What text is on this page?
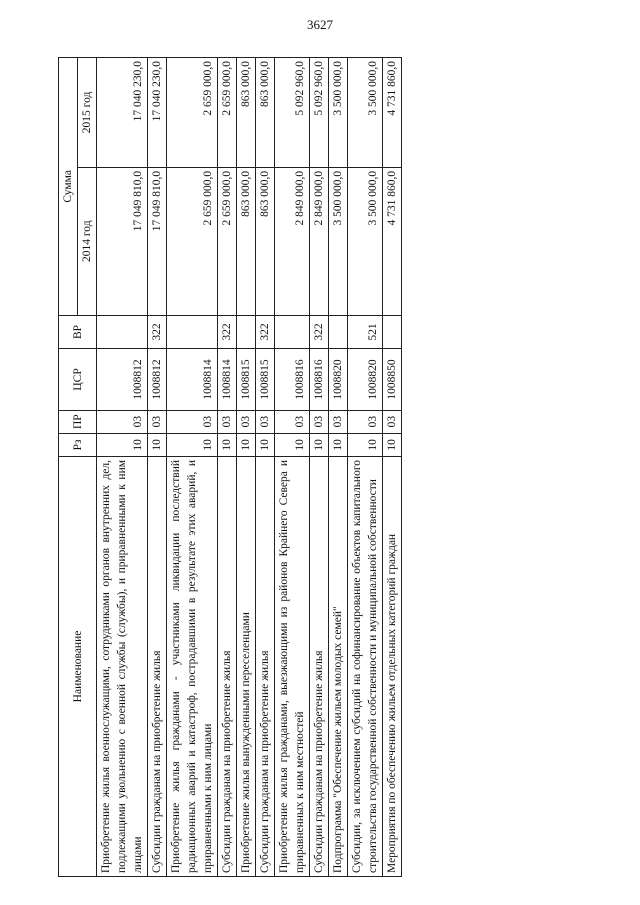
3627
Наименование	Рз	ПР	ЦСР	ВР	Сумма	
					2014 год	2015 год
Приобретение жилья военнослужащими, сотрудниками органов внутренних дел, подлежащими увольнению с военной службы (службы), и приравненными к ним лицами	10	03	1008812		17 049 810,0	17 040 230,0
Субсидии гражданам на приобретение жилья	10	03	1008812	322	17 049 810,0	17 040 230,0
Приобретение жилья гражданами - участниками ликвидации последствий радиационных аварий и катастроф, пострадавшими в результате этих аварий, и приравненными к ним лицами	10	03	1008814		2 659 000,0	2 659 000,0
Субсидии гражданам на приобретение жилья	10	03	1008814	322	2 659 000,0	2 659 000,0
Приобретение жилья вынужденными переселенцами	10	03	1008815		863 000,0	863 000,0
Субсидии гражданам на приобретение жилья	10	03	1008815	322	863 000,0	863 000,0
Приобретение жилья гражданами, выезжающими из районов Крайнего Севера и приравненных к ним местностей	10	03	1008816		2 849 000,0	5 092 960,0
Субсидии гражданам на приобретение жилья	10	03	1008816	322	2 849 000,0	5 092 960,0
Подпрограмма "Обеспечение жильем молодых семей"	10	03	1008820		3 500 000,0	3 500 000,0
Субсидии, за исключением субсидий на софинансирование объектов капитального строительства государственной собственности и муниципальной собственности	10	03	1008820	521	3 500 000,0	3 500 000,0
Мероприятия по обеспечению жильем отдельных категорий граждан	10	03	1008850		4 731 860,0	4 731 860,0
